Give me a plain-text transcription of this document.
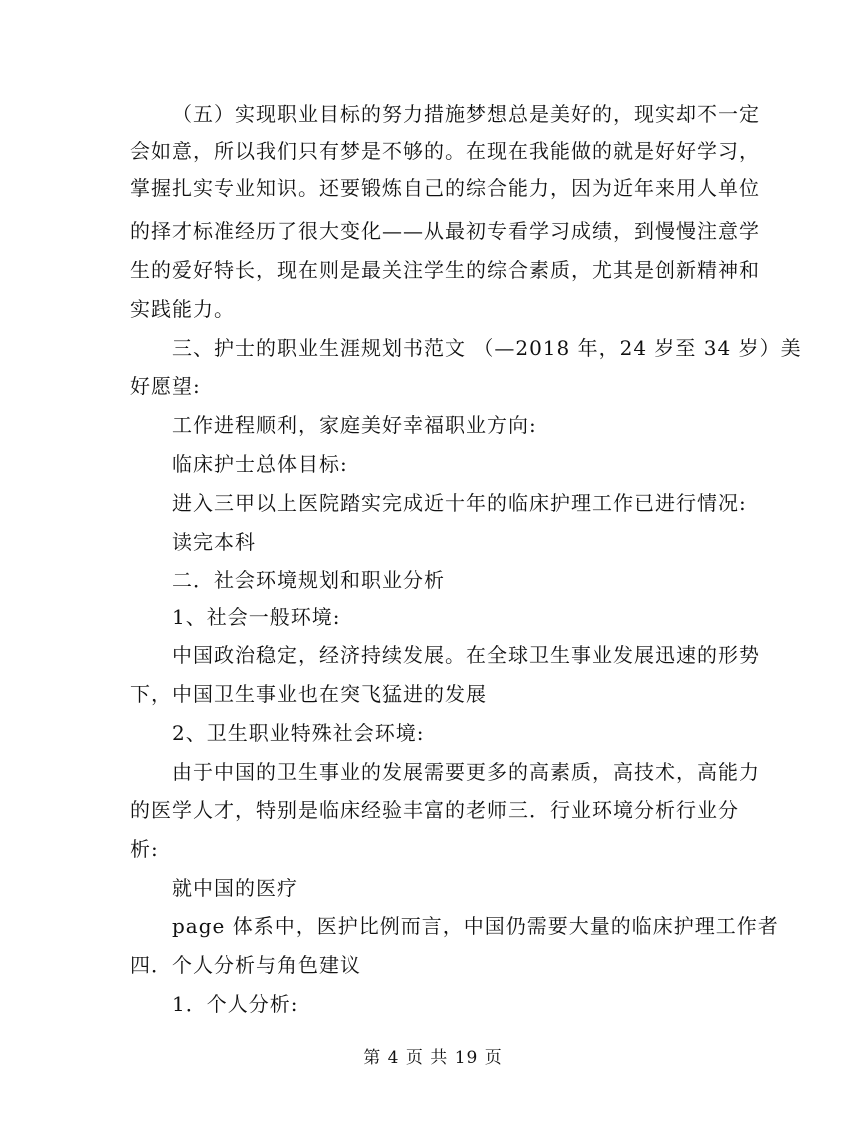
（五）实现职业目标的努力措施梦想总是美好的，现实却不一定
会如意，所以我们只有梦是不够的。在现在我能做的就是好好学习，
掌握扎实专业知识。还要锻炼自己的综合能力，因为近年来用人单位
的择才标准经历了很大变化——从最初专看学习成绩，到慢慢注意学
生的爱好特长，现在则是最关注学生的综合素质，尤其是创新精神和
实践能力。
三、护士的职业生涯规划书范文 （—2018 年，24 岁至 34 岁）美
好愿望:
工作进程顺利，家庭美好幸福职业方向:
临床护士总体目标:
进入三甲以上医院踏实完成近十年的临床护理工作已进行情况:
读完本科
二．社会环境规划和职业分析
1、社会一般环境:
中国政治稳定，经济持续发展。在全球卫生事业发展迅速的形势
下，中国卫生事业也在突飞猛进的发展
2、卫生职业特殊社会环境:
由于中国的卫生事业的发展需要更多的高素质，高技术，高能力
的医学人才，特别是临床经验丰富的老师三．行业环境分析行业分
析:
就中国的医疗
page 体系中，医护比例而言，中国仍需要大量的临床护理工作者
四．个人分析与角色建议
1．个人分析:
第 4 页 共 19 页
